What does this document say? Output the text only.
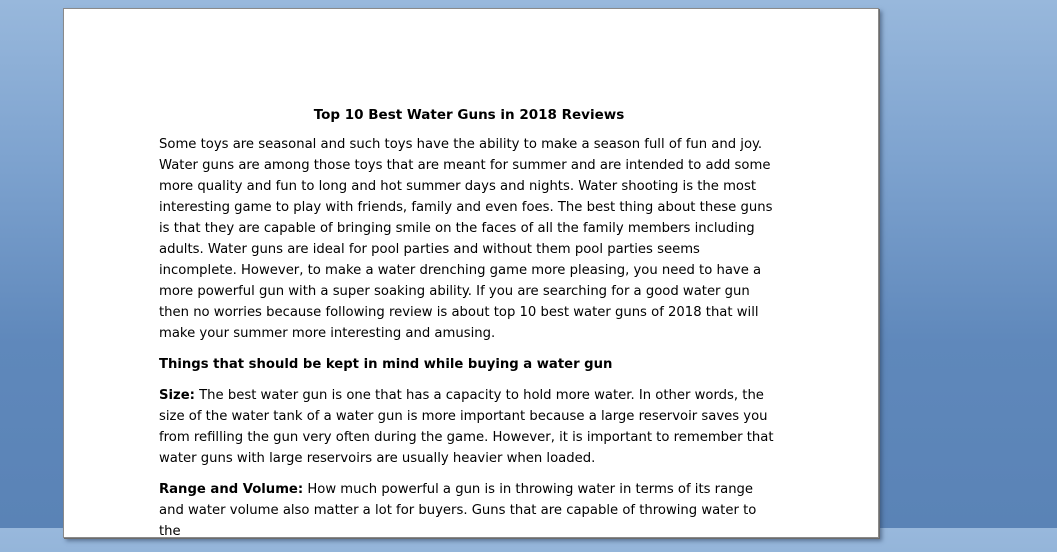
Top 10 Best Water Guns in 2018 Reviews

Some toys are seasonal and such toys have the ability to make a season full of fun and joy. Water guns are among those toys that are meant for summer and are intended to add some more quality and fun to long and hot summer days and nights. Water shooting is the most interesting game to play with friends, family and even foes. The best thing about these guns is that they are capable of bringing smile on the faces of all the family members including adults. Water guns are ideal for pool parties and without them pool parties seems incomplete. However, to make a water drenching game more pleasing, you need to have a more powerful gun with a super soaking ability. If you are searching for a good water gun then no worries because following review is about top 10 best water guns of 2018 that will make your summer more interesting and amusing.

Things that should be kept in mind while buying a water gun

Size: The best water gun is one that has a capacity to hold more water. In other words, the size of the water tank of a water gun is more important because a large reservoir saves you from refilling the gun very often during the game. However, it is important to remember that water guns with large reservoirs are usually heavier when loaded.

Range and Volume: How much powerful a gun is in throwing water in terms of its range and water volume also matter a lot for buyers. Guns that are capable of throwing water to the
